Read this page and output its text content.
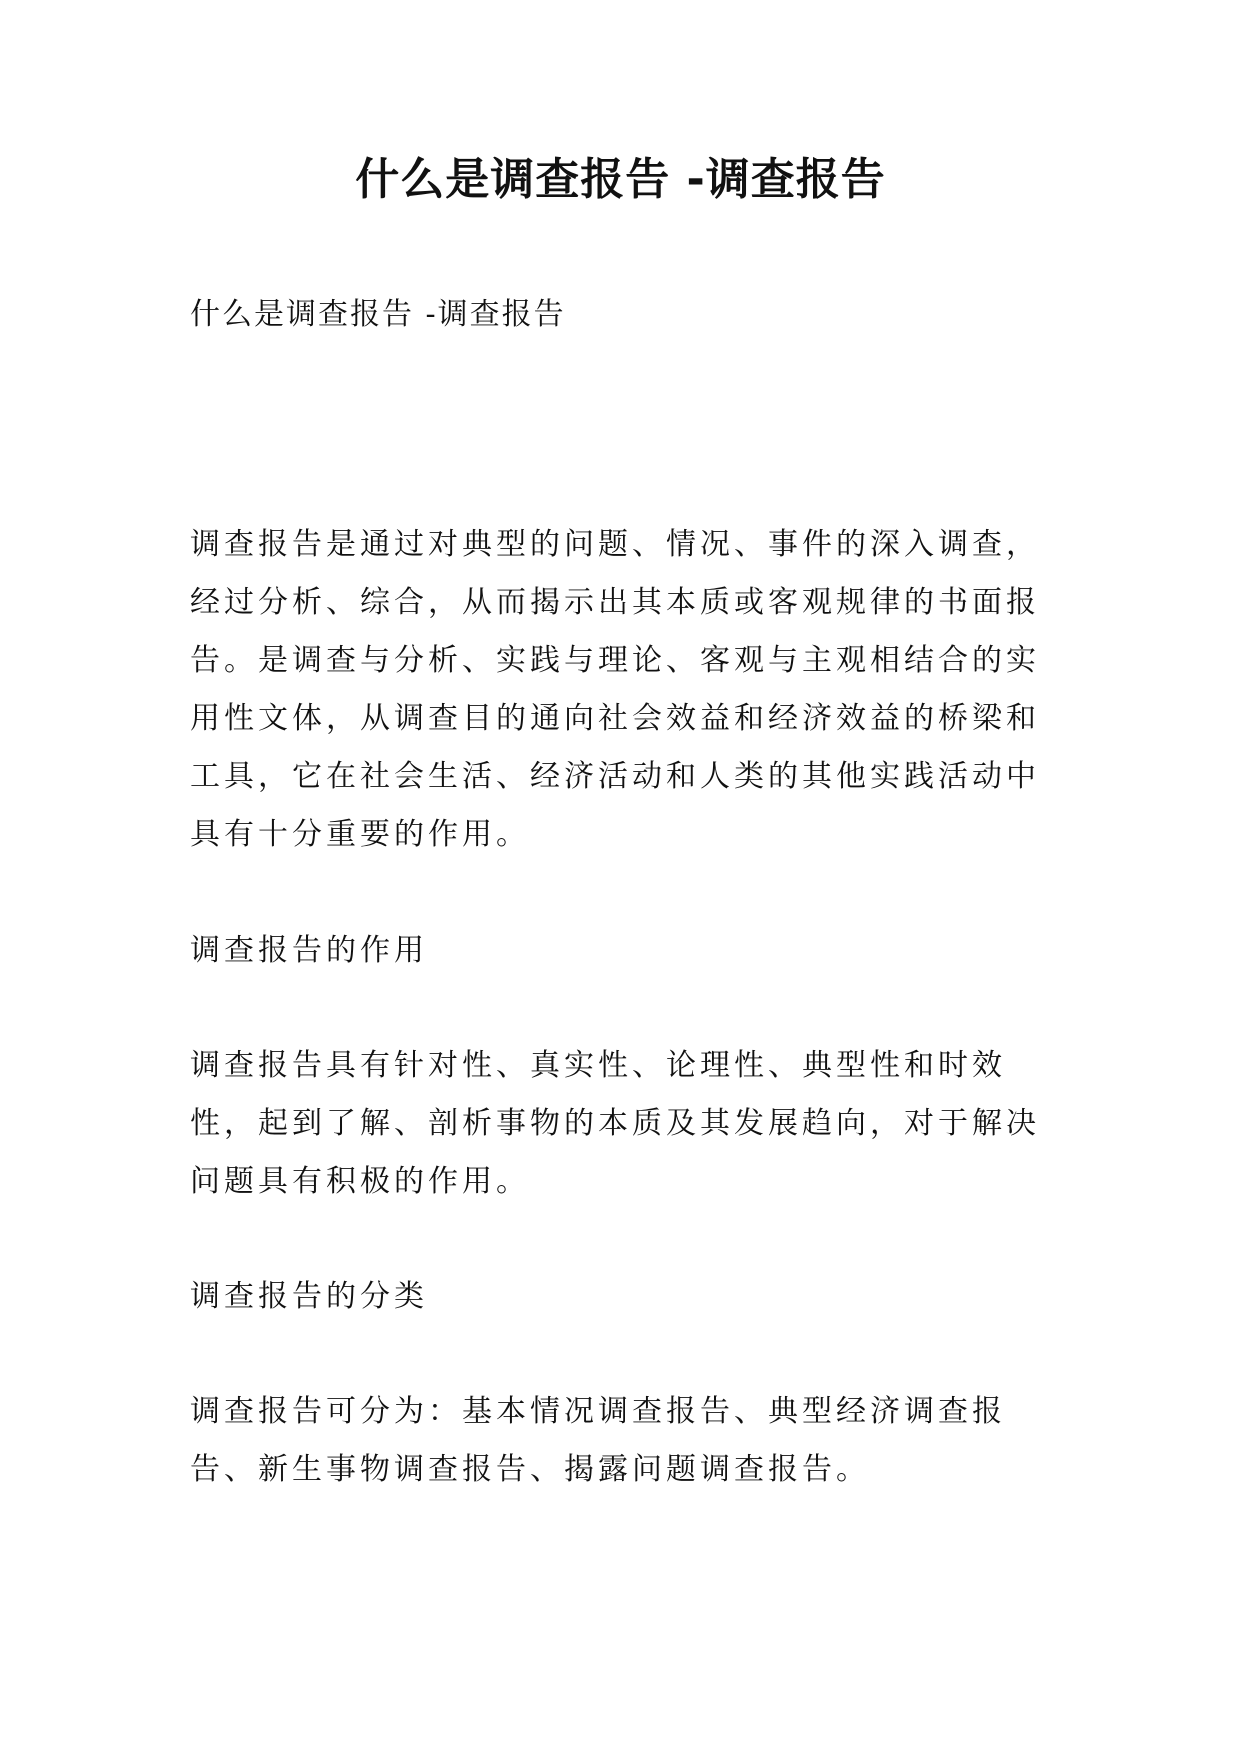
什么是调查报告 -调查报告

什么是调查报告 -调查报告

调查报告是通过对典型的问题、情况、事件的深入调查，经过分析、综合，从而揭示出其本质或客观规律的书面报告。是调查与分析、实践与理论、客观与主观相结合的实用性文体，从调查目的通向社会效益和经济效益的桥梁和工具，它在社会生活、经济活动和人类的其他实践活动中具有十分重要的作用。

调查报告的作用

调查报告具有针对性、真实性、论理性、典型性和时效性，起到了解、剖析事物的本质及其发展趋向，对于解决问题具有积极的作用。

调查报告的分类

调查报告可分为：基本情况调查报告、典型经济调查报告、新生事物调查报告、揭露问题调查报告。
